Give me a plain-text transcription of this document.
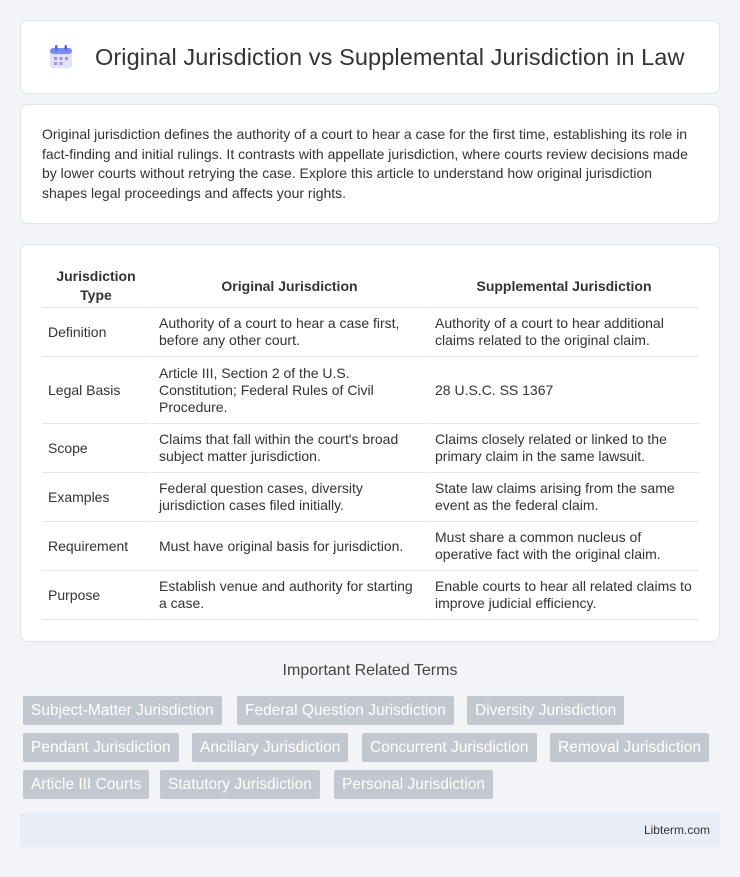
Original Jurisdiction vs Supplemental Jurisdiction in Law

Original jurisdiction defines the authority of a court to hear a case for the first time, establishing its role in fact-finding and initial rulings. It contrasts with appellate jurisdiction, where courts review decisions made by lower courts without retrying the case. Explore this article to understand how original jurisdiction shapes legal proceedings and affects your rights.

Jurisdiction Type	Original Jurisdiction	Supplemental Jurisdiction
Definition	Authority of a court to hear a case first, before any other court.	Authority of a court to hear additional claims related to the original claim.
Legal Basis	Article III, Section 2 of the U.S. Constitution; Federal Rules of Civil Procedure.	28 U.S.C. SS 1367
Scope	Claims that fall within the court's broad subject matter jurisdiction.	Claims closely related or linked to the primary claim in the same lawsuit.
Examples	Federal question cases, diversity jurisdiction cases filed initially.	State law claims arising from the same event as the federal claim.
Requirement	Must have original basis for jurisdiction.	Must share a common nucleus of operative fact with the original claim.
Purpose	Establish venue and authority for starting a case.	Enable courts to hear all related claims to improve judicial efficiency.
Important Related Terms
Subject-Matter Jurisdiction	Federal Question Jurisdiction	Diversity Jurisdiction
Pendant Jurisdiction	Ancillary Jurisdiction	Concurrent Jurisdiction	Removal Jurisdiction
Article III Courts	Statutory Jurisdiction	Personal Jurisdiction
Libterm.com
